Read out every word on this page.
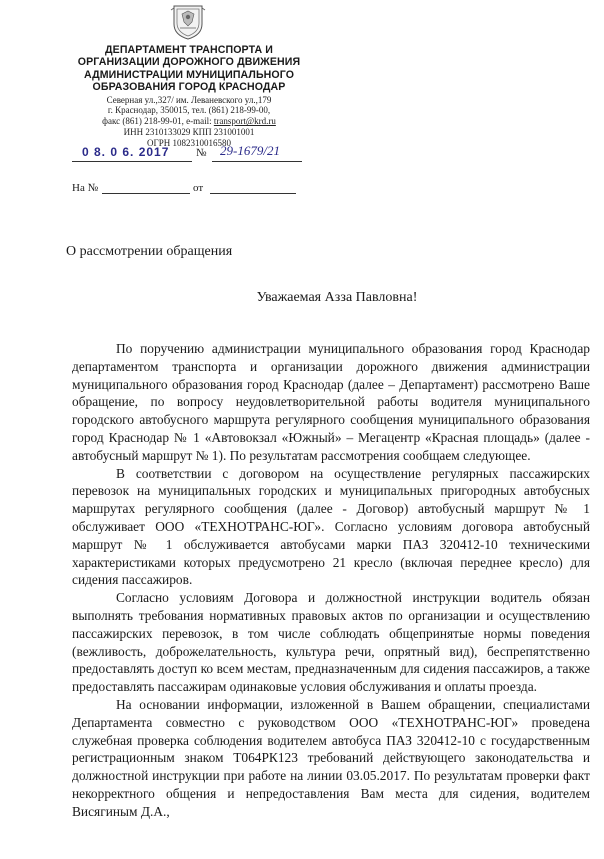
ДЕПАРТАМЕНТ ТРАНСПОРТА И
ОРГАНИЗАЦИИ ДОРОЖНОГО ДВИЖЕНИЯ
АДМИНИСТРАЦИИ МУНИЦИПАЛЬНОГО
ОБРАЗОВАНИЯ ГОРОД КРАСНОДАР

Северная ул.,327/ им. Леваневского ул.,179
г. Краснодар, 350015, тел. (861) 218-99-00,
факс (861) 218-99-01, e-mail: transport@krd.ru
ИНН 2310133029 КПП 231001001
ОГРН 1082310016580

0 8. 0 6. 2017 № 29-1679/21
На №	от
О рассмотрении обращения
Уважаемая Азза Павловна!

По поручению администрации муниципального образования город Краснодар департаментом транспорта и организации дорожного движения администрации муниципального образования город Краснодар (далее – Департамент) рассмотрено Ваше обращение, по вопросу неудовлетворительной работы водителя муниципального городского автобусного маршрута регулярного сообщения муниципального образования город Краснодар № 1 «Автовокзал «Южный» – Мегацентр «Красная площадь» (далее - автобусный маршрут № 1). По результатам рассмотрения сообщаем следующее.

В соответствии с договором на осуществление регулярных пассажирских перевозок на муниципальных городских и муниципальных пригородных автобусных маршрутах регулярного сообщения (далее - Договор) автобусный маршрут № 1 обслуживает ООО «ТЕХНОТРАНС-ЮГ». Согласно условиям договора автобусный маршрут № 1 обслуживается автобусами марки ПАЗ 320412-10 техническими характеристиками которых предусмотрено 21 кресло (включая переднее кресло) для сидения пассажиров.

Согласно условиям Договора и должностной инструкции водитель обязан выполнять требования нормативных правовых актов по организации и осуществлению пассажирских перевозок, в том числе соблюдать общепринятые нормы поведения (вежливость, доброжелательность, культура речи, опрятный вид), беспрепятственно предоставлять доступ ко всем местам, предназначенным для сидения пассажиров, а также предоставлять пассажирам одинаковые условия обслуживания и оплаты проезда.

На основании информации, изложенной в Вашем обращении, специалистами Департамента совместно с руководством ООО «ТЕХНОТРАНС-ЮГ» проведена служебная проверка соблюдения водителем автобуса ПАЗ 320412-10 с государственным регистрационным знаком Т064РК123 требований действующего законодательства и должностной инструкции при работе на линии 03.05.2017. По результатам проверки факт некорректного общения и непредоставления Вам места для сидения, водителем Висягиным Д.А.,
